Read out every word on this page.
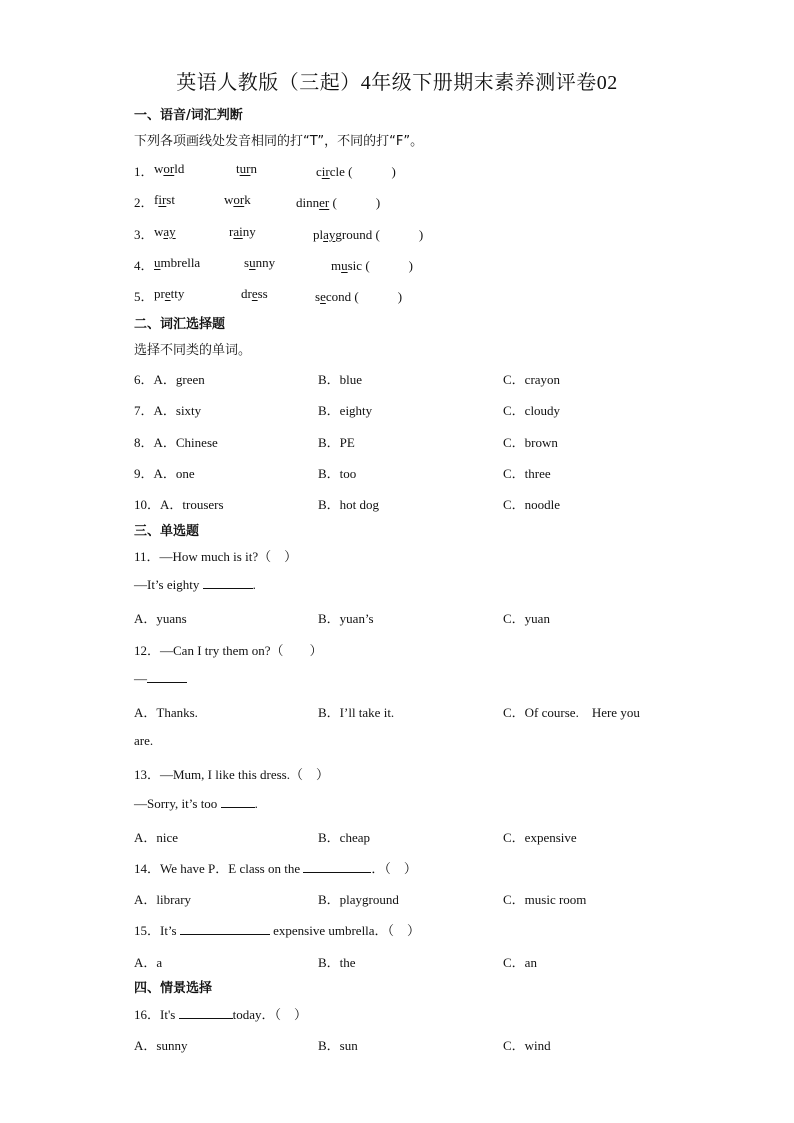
英语人教版（三起）4年级下册期末素养测评卷02
一、语音/词汇判断
下列各项画线处发音相同的打“T”，不同的打“F”。
1． world	turn	circle (　　　)
2． first	work	dinner (　　　)
3． way	rainy	playground (　　　)
4． umbrella	sunny	music (　　　)
5． pretty	dress	second (　　　)
二、词汇选择题
选择不同类的单词。
6．A．green	B．blue	C．crayon
7．A．sixty	B．eighty	C．cloudy
8．A．Chinese	B．PE	C．brown
9．A．one	B．too	C．three
10．A．trousers	B．hot dog	C．noodle
三、单选题
11．—How much is it?（　）
—It’s eighty	.
A．yuans	B．yuan’s	C．yuan
12．—Can I try them on?（　　）
—
A．Thanks.	B．I’ll take it.	C．Of course.　Here you
are.
13．—Mum, I like this dress.（　）
—Sorry, it’s too	.
A．nice	B．cheap	C．expensive
14．We have P．E class on the	．（　）
A．library	B．playground	C．music room
15．It’s	expensive umbrella．（　）
A．a	B．the	C．an
四、情景选择
16．It's	today．（　）
A．sunny	B．sun	C．wind
